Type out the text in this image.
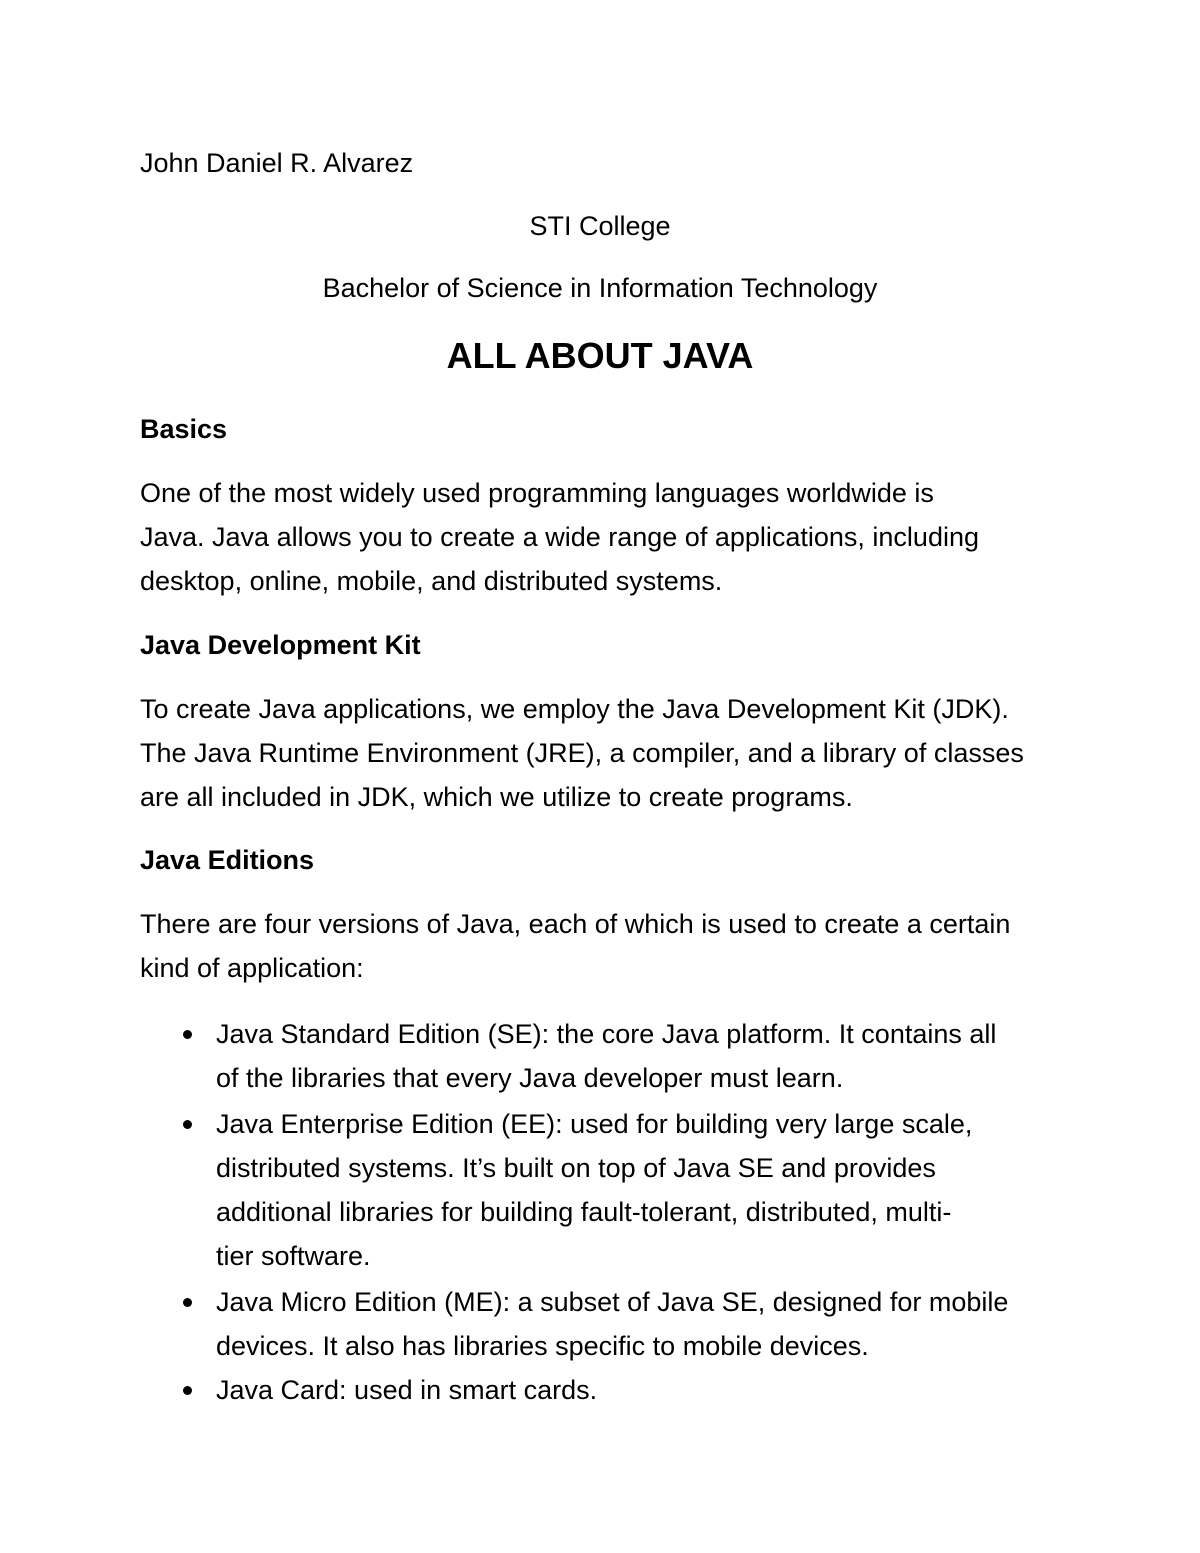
John Daniel R. Alvarez

STI College

Bachelor of Science in Information Technology

ALL ABOUT JAVA

Basics

One of the most widely used programming languages worldwide is

Java. Java allows you to create a wide range of applications, including

desktop, online, mobile, and distributed systems.

Java Development Kit

To create Java applications, we employ the Java Development Kit (JDK).

The Java Runtime Environment (JRE), a compiler, and a library of classes

are all included in JDK, which we utilize to create programs.

Java Editions

There are four versions of Java, each of which is used to create a certain

kind of application:

Java Standard Edition (SE): the core Java platform. It contains all

of the libraries that every Java developer must learn.

Java Enterprise Edition (EE): used for building very large scale,

distributed systems. It’s built on top of Java SE and provides

additional libraries for building fault-tolerant, distributed, multi-

tier software.

Java Micro Edition (ME): a subset of Java SE, designed for mobile

devices. It also has libraries specific to mobile devices.

Java Card: used in smart cards.
